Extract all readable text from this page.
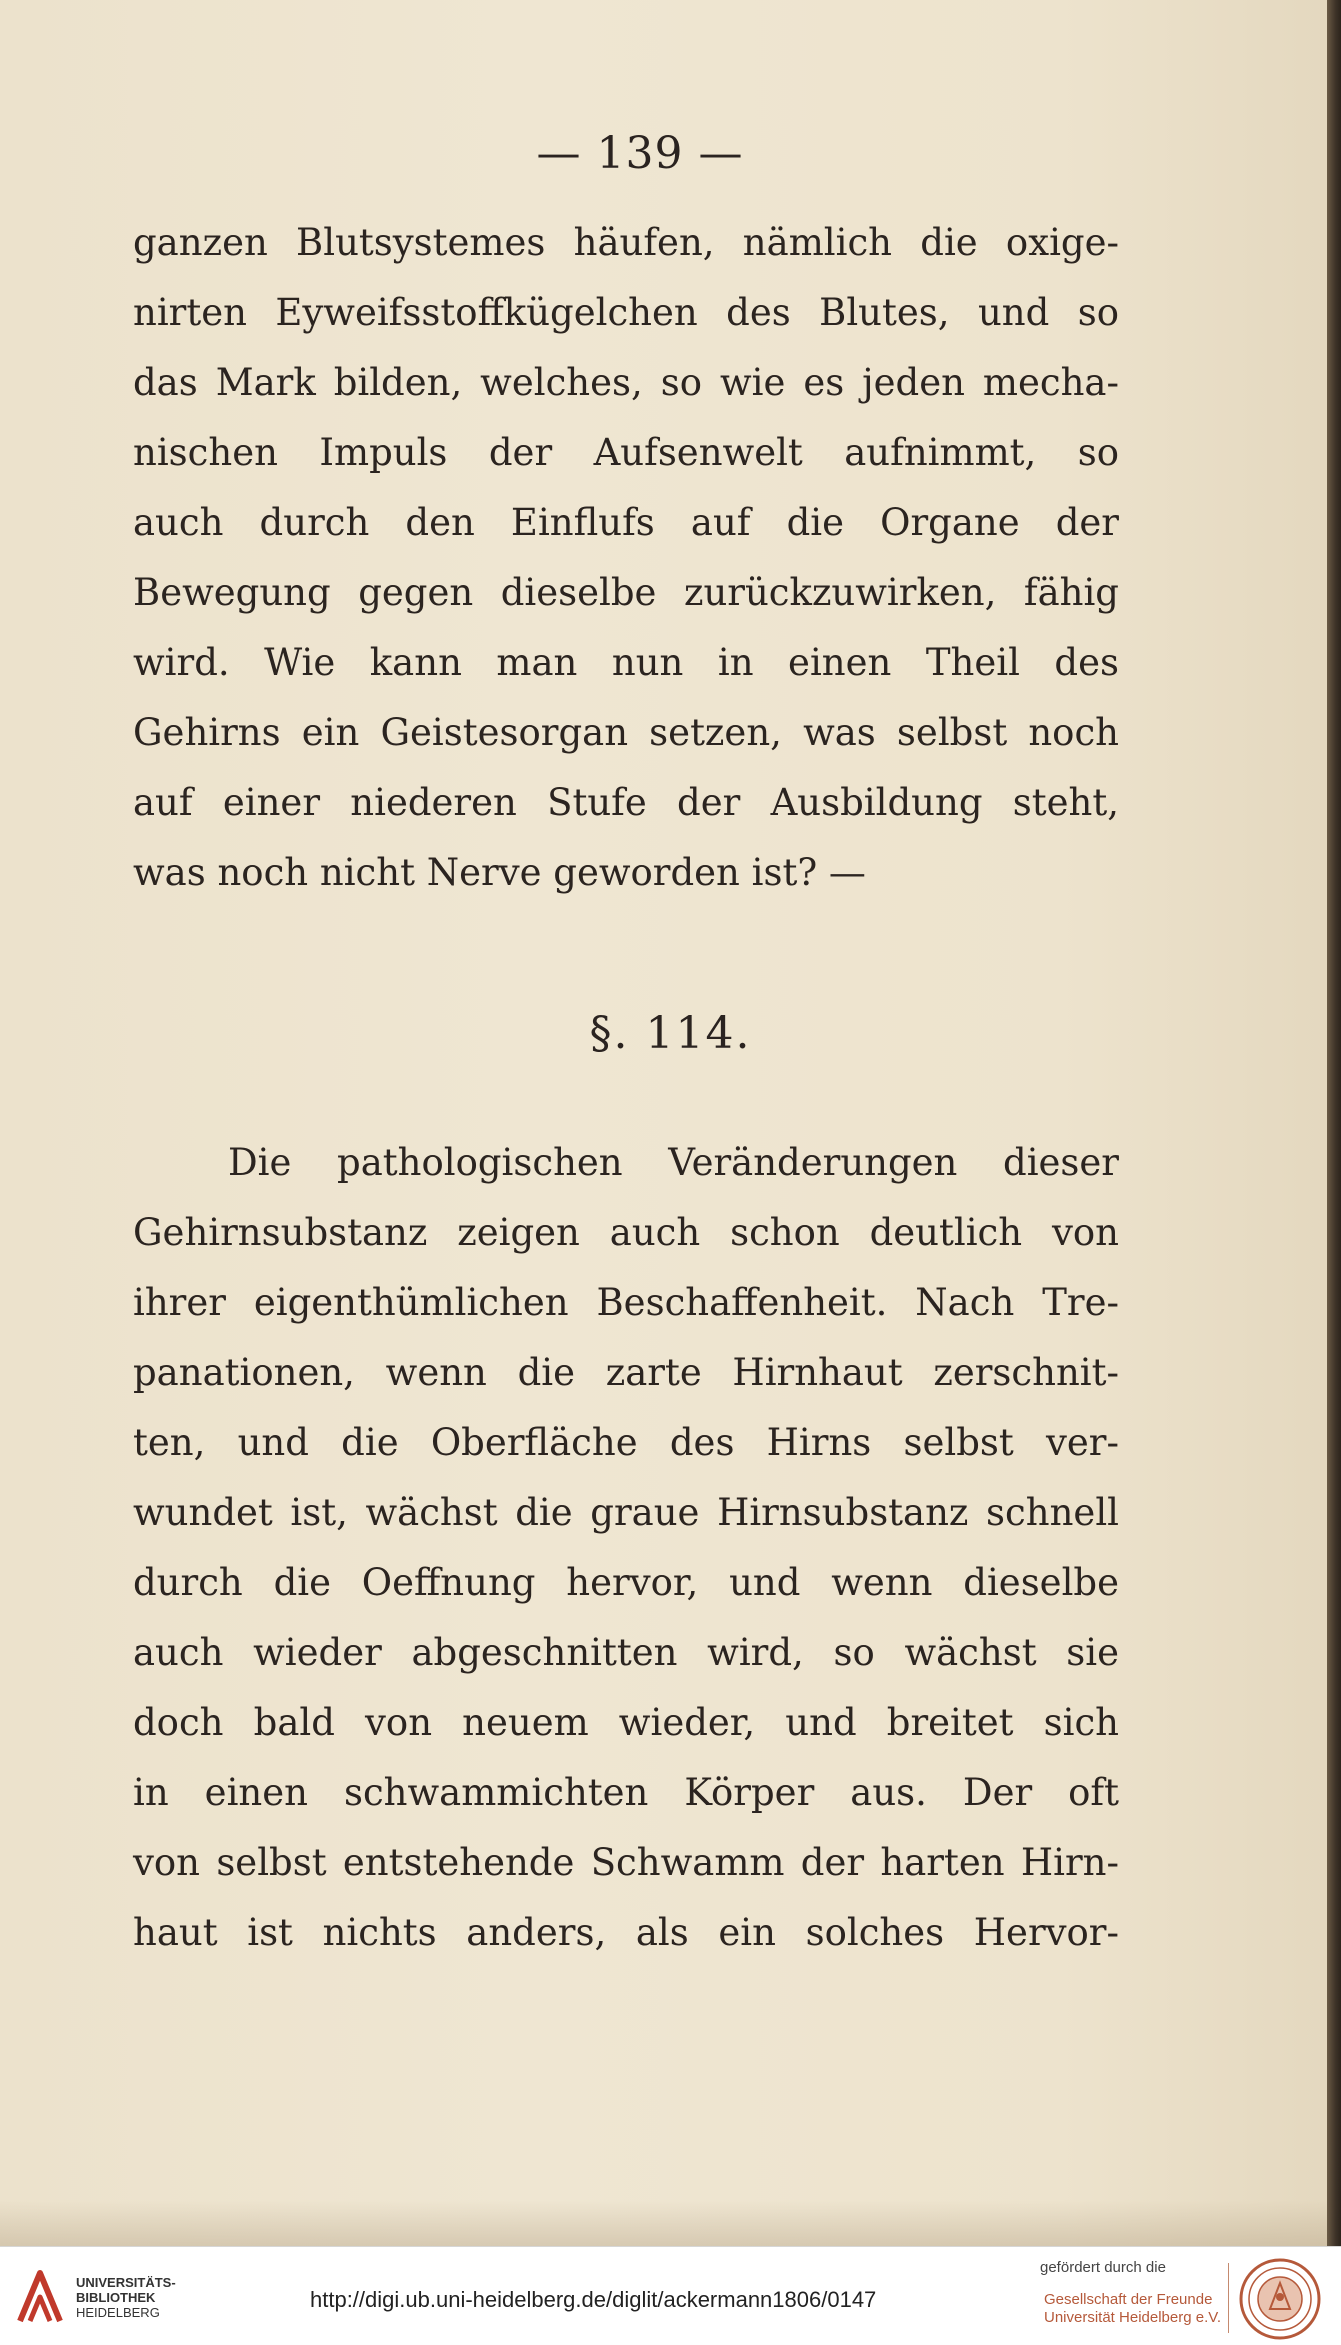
— 139 —
ganzen Blutsystemes häufen, nämlich die oxige-
nirten Eyweifsstoffkügelchen des Blutes, und so
das Mark bilden, welches, so wie es jeden mecha-
nischen Impuls der Aufsenwelt aufnimmt, so
auch durch den Einflufs auf die Organe der
Bewegung gegen dieselbe zurückzuwirken, fähig
wird. Wie kann man nun in einen Theil des
Gehirns ein Geistesorgan setzen, was selbst noch
auf einer niederen Stufe der Ausbildung steht,
was noch nicht Nerve geworden ist? —
§. 114.
Die pathologischen Veränderungen dieser
Gehirnsubstanz zeigen auch schon deutlich von
ihrer eigenthümlichen Beschaffenheit. Nach Tre-
panationen, wenn die zarte Hirnhaut zerschnit-
ten, und die Oberfläche des Hirns selbst ver-
wundet ist, wächst die graue Hirnsubstanz schnell
durch die Oeffnung hervor, und wenn dieselbe
auch wieder abgeschnitten wird, so wächst sie
doch bald von neuem wieder, und breitet sich
in einen schwammichten Körper aus. Der oft
von selbst entstehende Schwamm der harten Hirn-
haut ist nichts anders, als ein solches Hervor-
UNIVERSITÄTS-
BIBLIOTHEK
HEIDELBERG
http://digi.ub.uni-heidelberg.de/diglit/ackermann1806/0147
gefördert durch die
Gesellschaft der Freunde
Universität Heidelberg e.V.
